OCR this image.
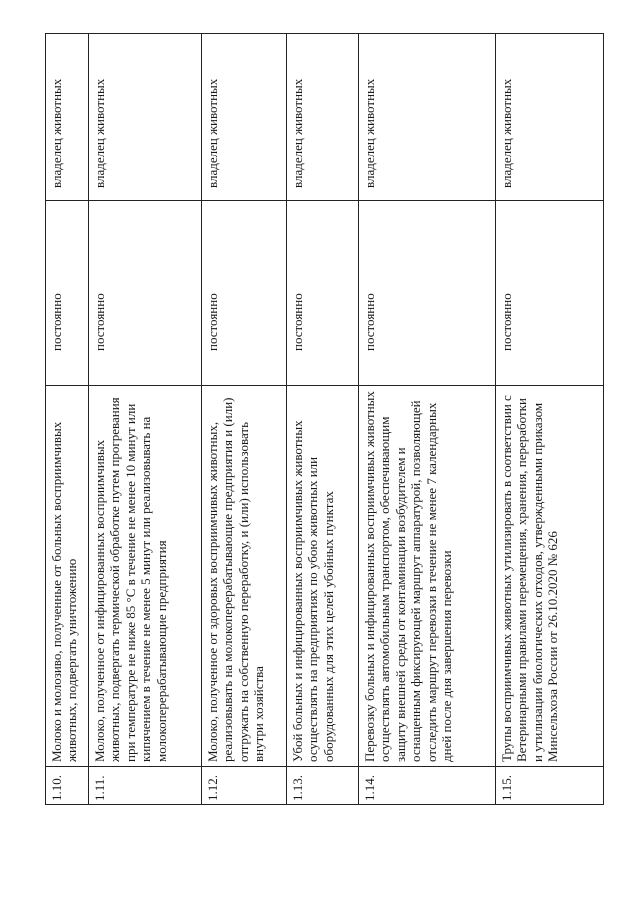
1.10.	Молоко и молозиво, полученные от больных восприимчивых животных, подвергать уничтожению	постоянно	владелец животных
1.11.	Молоко, полученное от инфицированных восприимчивых животных, подвергать термической обработке путем прогревания при температуре не ниже 85 °С в течение не менее 10 минут или кипячением в течение не менее 5 минут или реализовывать на молокоперерабатывающие предприятия	постоянно	владелец животных
1.12.	Молоко, полученное от здоровых восприимчивых животных, реализовывать на молокоперерабатывающие предприятия и (или) отгружать на собственную переработку, и (или) использовать внутри хозяйства	постоянно	владелец животных
1.13.	Убой больных и инфицированных восприимчивых животных осуществлять на предприятиях по убою животных или оборудованных для этих целей убойных пунктах	постоянно	владелец животных
1.14.	Перевозку больных и инфицированных восприимчивых животных осуществлять автомобильным транспортом, обеспечивающим защиту внешней среды от контаминации возбудителем и оснащенным фиксирующей маршрут аппаратурой, позволяющей отследить маршрут перевозки в течение не менее 7 календарных дней после дня завершения перевозки	постоянно	владелец животных
1.15.	Трупы восприимчивых животных утилизировать в соответствии с Ветеринарными правилами перемещения, хранения, переработки и утилизации биологических отходов, утвержденными приказом Минсельхоза России от 26.10.2020 № 626	постоянно	владелец животных
